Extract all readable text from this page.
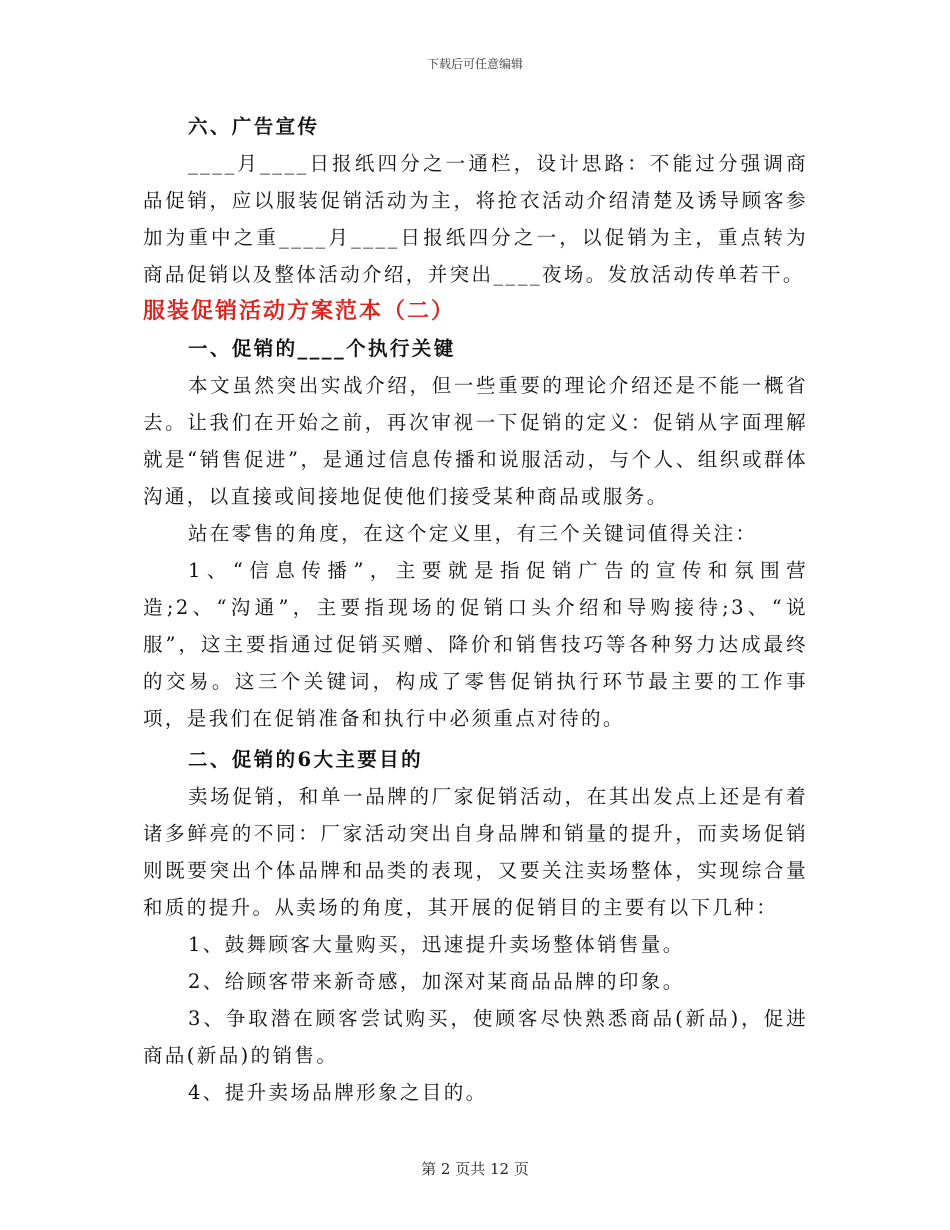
下载后可任意编辑

六、广告宣传

____月____日报纸四分之一通栏，设计思路：不能过分强调商品促销，应以服装促销活动为主，将抢衣活动介绍清楚及诱导顾客参加为重中之重____月____日报纸四分之一，以促销为主，重点转为商品促销以及整体活动介绍，并突出____夜场。发放活动传单若干。

服装促销活动方案范本（二）

一、促销的____个执行关键

本文虽然突出实战介绍，但一些重要的理论介绍还是不能一概省去。让我们在开始之前，再次审视一下促销的定义：促销从字面理解就是“销售促进”，是通过信息传播和说服活动，与个人、组织或群体沟通，以直接或间接地促使他们接受某种商品或服务。

站在零售的角度，在这个定义里，有三个关键词值得关注：

1、“信息传播”，主要就是指促销广告的宣传和氛围营造;2、“沟通”，主要指现场的促销口头介绍和导购接待;3、“说服”，这主要指通过促销买赠、降价和销售技巧等各种努力达成最终的交易。这三个关键词，构成了零售促销执行环节最主要的工作事项，是我们在促销准备和执行中必须重点对待的。

二、促销的6大主要目的

卖场促销，和单一品牌的厂家促销活动，在其出发点上还是有着诸多鲜亮的不同：厂家活动突出自身品牌和销量的提升，而卖场促销则既要突出个体品牌和品类的表现，又要关注卖场整体，实现综合量和质的提升。从卖场的角度，其开展的促销目的主要有以下几种：

1、鼓舞顾客大量购买，迅速提升卖场整体销售量。

2、给顾客带来新奇感，加深对某商品品牌的印象。

3、争取潜在顾客尝试购买，使顾客尽快熟悉商品(新品)，促进商品(新品)的销售。

4、提升卖场品牌形象之目的。

第 2 页共 12 页
